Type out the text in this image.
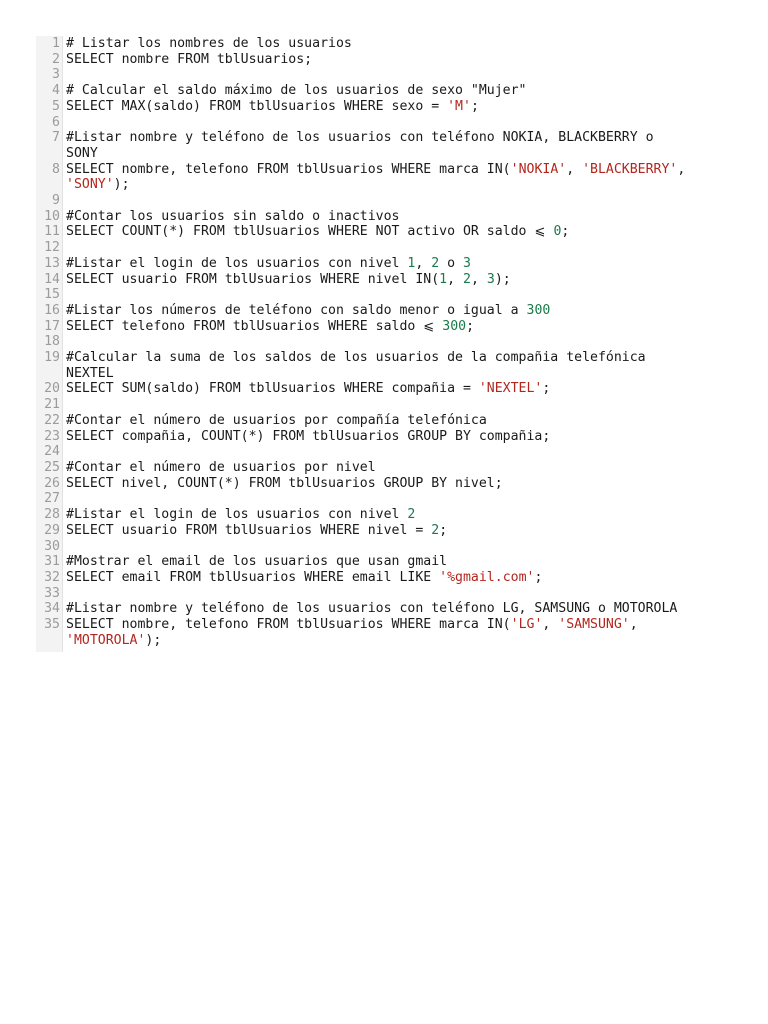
1
2
3
4
5
6
7

8

9
10
11
12
13
14
15
16
17
18
19

20
21
22
23
24
25
26
27
28
29
30
31
32
33
34
35

# Listar los nombres de los usuarios
SELECT nombre FROM tblUsuarios;

# Calcular el saldo máximo de los usuarios de sexo "Mujer"
SELECT MAX(saldo) FROM tblUsuarios WHERE sexo = 'M';

#Listar nombre y teléfono de los usuarios con teléfono NOKIA, BLACKBERRY o
SONY
SELECT nombre, telefono FROM tblUsuarios WHERE marca IN('NOKIA', 'BLACKBERRY',
'SONY');

#Contar los usuarios sin saldo o inactivos
SELECT COUNT(*) FROM tblUsuarios WHERE NOT activo OR saldo ⩽ 0;

#Listar el login de los usuarios con nivel 1, 2 o 3
SELECT usuario FROM tblUsuarios WHERE nivel IN(1, 2, 3);

#Listar los números de teléfono con saldo menor o igual a 300
SELECT telefono FROM tblUsuarios WHERE saldo ⩽ 300;

#Calcular la suma de los saldos de los usuarios de la compañia telefónica
NEXTEL
SELECT SUM(saldo) FROM tblUsuarios WHERE compañia = 'NEXTEL';

#Contar el número de usuarios por compañía telefónica
SELECT compañia, COUNT(*) FROM tblUsuarios GROUP BY compañia;

#Contar el número de usuarios por nivel
SELECT nivel, COUNT(*) FROM tblUsuarios GROUP BY nivel;

#Listar el login de los usuarios con nivel 2
SELECT usuario FROM tblUsuarios WHERE nivel = 2;

#Mostrar el email de los usuarios que usan gmail
SELECT email FROM tblUsuarios WHERE email LIKE '%gmail.com';

#Listar nombre y teléfono de los usuarios con teléfono LG, SAMSUNG o MOTOROLA
SELECT nombre, telefono FROM tblUsuarios WHERE marca IN('LG', 'SAMSUNG',
'MOTOROLA');
